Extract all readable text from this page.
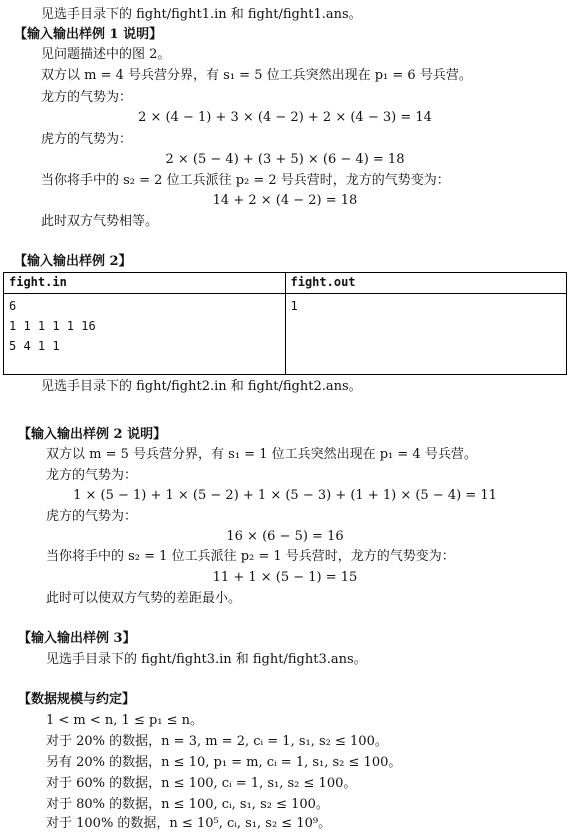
见选手目录下的 fight/fight1.in 和 fight/fight1.ans。
【输入输出样例 1 说明】
见问题描述中的图 2。
双方以 m = 4 号兵营分界，有 s₁ = 5 位工兵突然出现在 p₁ = 6 号兵营。
龙方的气势为：
2 × (4 − 1) + 3 × (4 − 2) + 2 × (4 − 3) = 14
虎方的气势为：
2 × (5 − 4) + (3 + 5) × (6 − 4) = 18
当你将手中的 s₂ = 2 位工兵派往 p₂ = 2 号兵营时，龙方的气势变为：
14 + 2 × (4 − 2) = 18
此时双方气势相等。
【输入输出样例 2】
fight.in	fight.out

6
1 1 1 1 1 16
5 4 1 1	1
见选手目录下的 fight/fight2.in 和 fight/fight2.ans。
【输入输出样例 2 说明】
双方以 m = 5 号兵营分界，有 s₁ = 1 位工兵突然出现在 p₁ = 4 号兵营。
龙方的气势为：
1 × (5 − 1) + 1 × (5 − 2) + 1 × (5 − 3) + (1 + 1) × (5 − 4) = 11
虎方的气势为：
16 × (6 − 5) = 16
当你将手中的 s₂ = 1 位工兵派往 p₂ = 1 号兵营时，龙方的气势变为：
11 + 1 × (5 − 1) = 15
此时可以使双方气势的差距最小。
【输入输出样例 3】
见选手目录下的 fight/fight3.in 和 fight/fight3.ans。
【数据规模与约定】
1 < m < n, 1 ≤ p₁ ≤ n。
对于 20% 的数据，n = 3, m = 2, cᵢ = 1, s₁, s₂ ≤ 100。
另有 20% 的数据，n ≤ 10, p₁ = m, cᵢ = 1, s₁, s₂ ≤ 100。
对于 60% 的数据，n ≤ 100, cᵢ = 1, s₁, s₂ ≤ 100。
对于 80% 的数据，n ≤ 100, cᵢ, s₁, s₂ ≤ 100。
对于 100% 的数据，n ≤ 10⁵, cᵢ, s₁, s₂ ≤ 10⁹。
